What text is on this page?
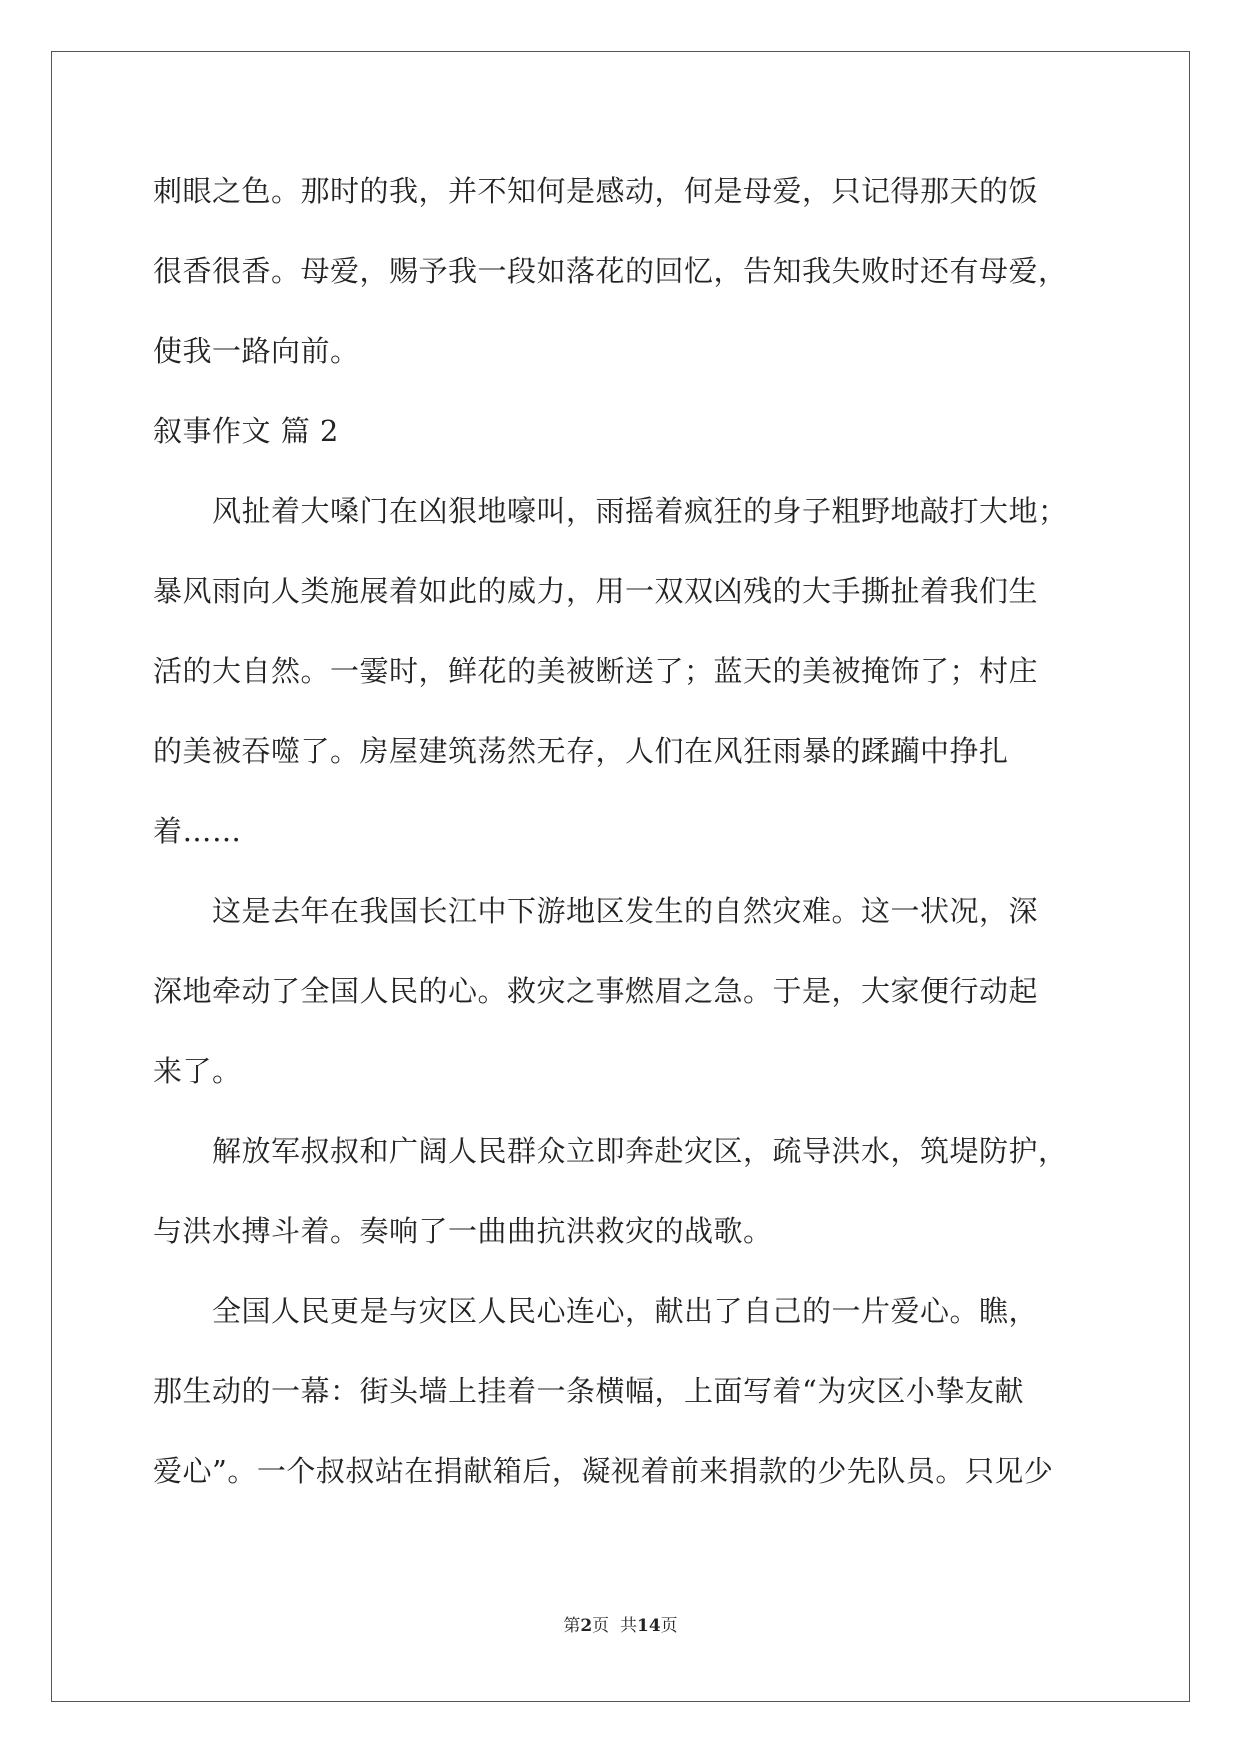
刺眼之色。那时的我，并不知何是感动，何是母爱，只记得那天的饭
很香很香。母爱，赐予我一段如落花的回忆，告知我失败时还有母爱，
使我一路向前。
叙事作文 篇 2
　　风扯着大嗓门在凶狠地嚎叫，雨摇着疯狂的身子粗野地敲打大地；
暴风雨向人类施展着如此的威力，用一双双凶残的大手撕扯着我们生
活的大自然。一霎时，鲜花的美被断送了；蓝天的美被掩饰了；村庄
的美被吞噬了。房屋建筑荡然无存，人们在风狂雨暴的蹂躏中挣扎
着……
　　这是去年在我国长江中下游地区发生的自然灾难。这一状况，深
深地牵动了全国人民的心。救灾之事燃眉之急。于是，大家便行动起
来了。
　　解放军叔叔和广阔人民群众立即奔赴灾区，疏导洪水，筑堤防护，
与洪水搏斗着。奏响了一曲曲抗洪救灾的战歌。
　　全国人民更是与灾区人民心连心，献出了自己的一片爱心。瞧，
那生动的一幕：街头墙上挂着一条横幅，上面写着“为灾区小挚友献
爱心”。一个叔叔站在捐献箱后，凝视着前来捐款的少先队员。只见少
第2页  共14页
